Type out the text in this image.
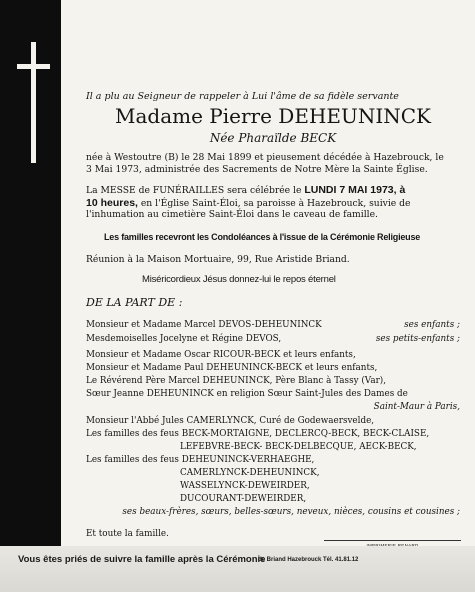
Il a plu au Seigneur de rappeler à Lui l'âme de sa fidèle servante
Madame Pierre DEHEUNINCK
Née Pharaïlde BECK
née à Westoutre (B) le 28 Mai 1899 et pieusement décédée à Hazebrouck, le
3 Mai 1973, administrée des Sacrements de Notre Mère la Sainte Église.
La MESSE de FUNÉRAILLES sera célébrée le LUNDI 7 MAI 1973, à
10 heures, en l'Église Saint-Éloi, sa paroisse à Hazebrouck, suivie de
l'inhumation au cimetière Saint-Éloi dans le caveau de famille.
Les familles recevront les Condoléances à l'issue de la Cérémonie Religieuse
Réunion à la Maison Mortuaire, 99, Rue Aristide Briand.
Miséricordieux Jésus donnez-lui le repos éternel
DE LA PART DE :
Monsieur et Madame Marcel DEVOS-DEHEUNINCK	ses enfants ;
Mesdemoiselles Jocelyne et Régine DEVOS,	ses petits-enfants ;
Monsieur et Madame Oscar RICOUR-BECK et leurs enfants,
Monsieur et Madame Paul DEHEUNINCK-BECK et leurs enfants,
Le Révérend Père Marcel DEHEUNINCK, Père Blanc à Tassy (Var),
Sœur Jeanne DEHEUNINCK en religion Sœur Saint-Jules des Dames de
Saint-Maur à Paris,
Monsieur l'Abbé Jules CAMERLYNCK, Curé de Godewaersvelde,
Les familles des feus BECK-MORTAIGNE, DECLERCQ-BECK, BECK-CLAISE,
LEFEBVRE-BECK- BECK-DELBECQUE, AECK-BECK,
Les familles des feus DEHEUNINCK-VERHAEGHE,
CAMERLYNCK-DEHEUNINCK,
WASSELYNCK-DEWEIRDER,
DUCOURANT-DEWEIRDER,
ses beaux-frères, sœurs, belles-sœurs, neveux, nièces, cousins et cousines ;
Et toute la famille.
Vous êtes priés de suivre la famille après la Cérémonie
de Briand Hazebrouck Tél. 41.81.12
